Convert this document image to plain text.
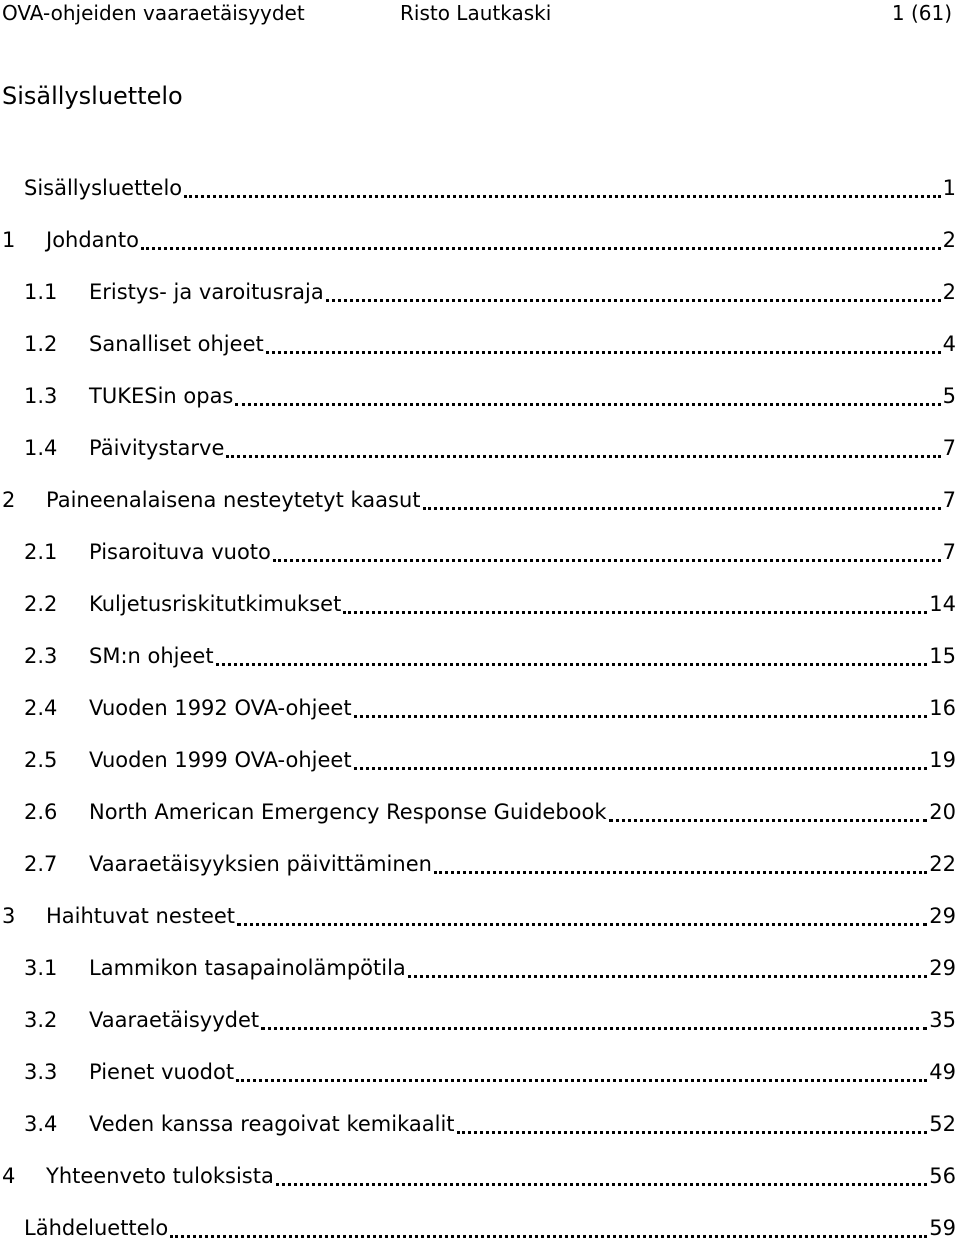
OVA-ohjeiden vaaraetäisyydet	Risto Lautkaski	1 (61)
Sisällysluettelo
Sisällysluettelo	1
1	Johdanto	2
1.1	Eristys- ja varoitusraja	2
1.2	Sanalliset ohjeet	4
1.3	TUKESin opas	5
1.4	Päivitystarve	7
2	Paineenalaisena nesteytetyt kaasut	7
2.1	Pisaroituva vuoto	7
2.2	Kuljetusriskitutkimukset	14
2.3	SM:n ohjeet	15
2.4	Vuoden 1992 OVA-ohjeet	16
2.5	Vuoden 1999 OVA-ohjeet	19
2.6	North American Emergency Response Guidebook	20
2.7	Vaaraetäisyyksien päivittäminen	22
3	Haihtuvat nesteet	29
3.1	Lammikon tasapainolämpötila	29
3.2	Vaaraetäisyydet	35
3.3	Pienet vuodot	49
3.4	Veden kanssa reagoivat kemikaalit	52
4	Yhteenveto tuloksista	56
Lähdeluettelo	59
